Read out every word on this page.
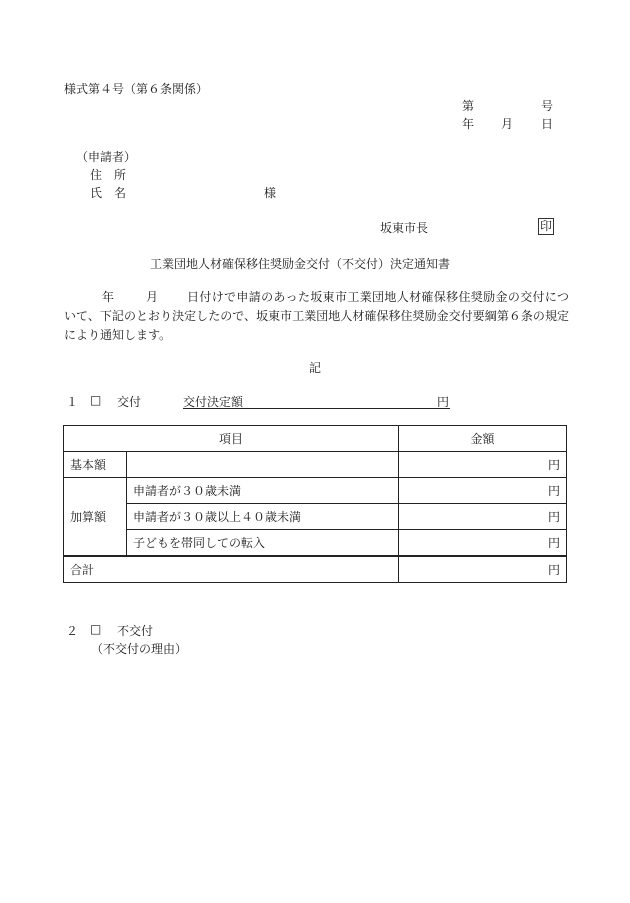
様式第４号（第６条関係）
第	号
年 月 日
（申請者）
住　所
氏　名	様
坂東市長	印
工業団地人材確保移住奨励金交付（不交付）決定通知書
年	月	日付けで申請のあった坂東市工業団地人材確保移住奨励金の交付について、下記のとおり決定したので、坂東市工業団地人材確保移住奨励金交付要綱第６条の規定により通知します。
記
１ □ 交付	交付決定額	円
項目		金額
基本額		円
加算額	申請者が３０歳未満	円
	申請者が３０歳以上４０歳未満	円
	子どもを帯同しての転入	円
合計		円
２ □ 不交付
（不交付の理由）
